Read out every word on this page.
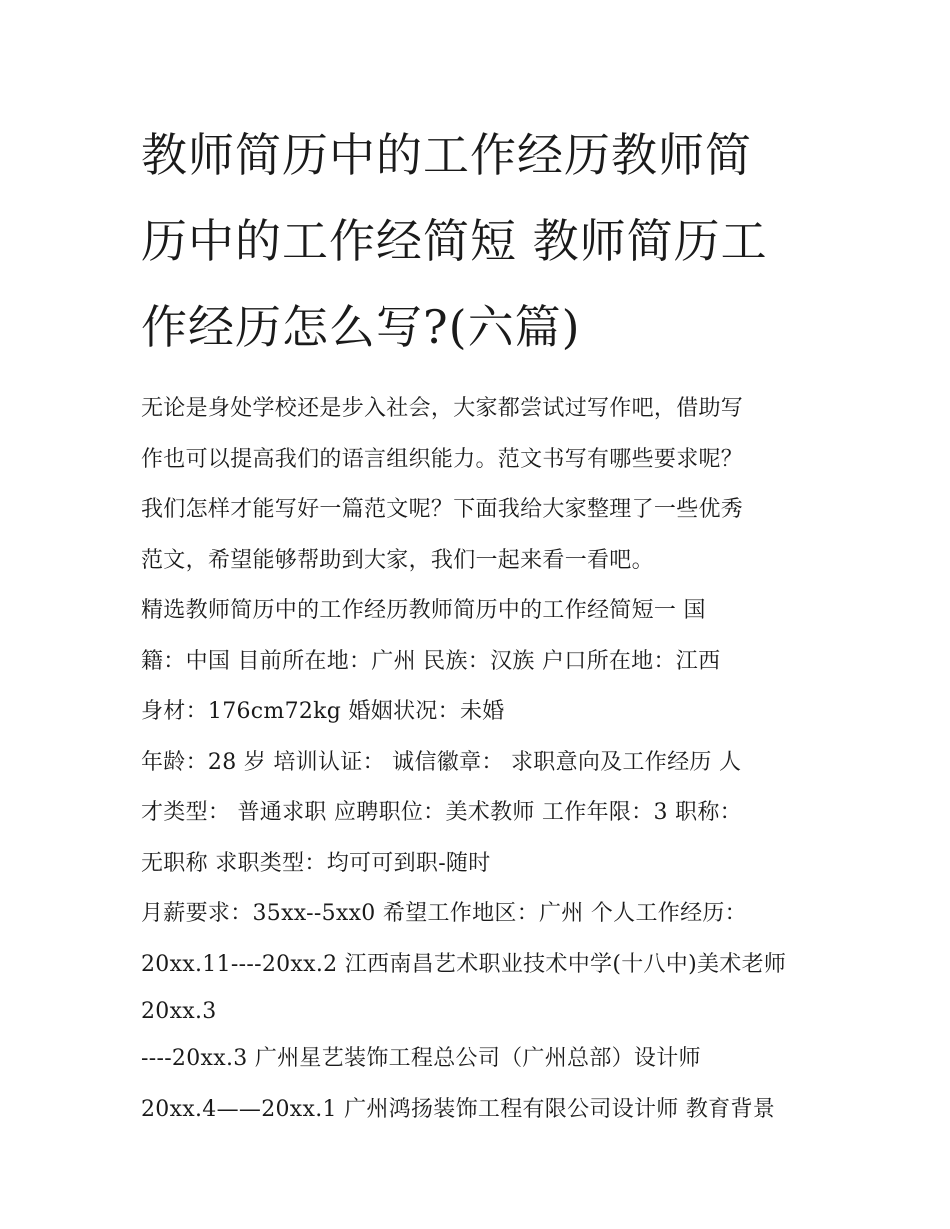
教师简历中的工作经历教师简
历中的工作经简短 教师简历工
作经历怎么写?(六篇)
无论是身处学校还是步入社会，大家都尝试过写作吧，借助写
作也可以提高我们的语言组织能力。范文书写有哪些要求呢？
我们怎样才能写好一篇范文呢？下面我给大家整理了一些优秀
范文，希望能够帮助到大家，我们一起来看一看吧。
精选教师简历中的工作经历教师简历中的工作经简短一 国
籍：中国 目前所在地：广州 民族：汉族 户口所在地：江西
身材：176cm72kg 婚姻状况：未婚
年龄：28 岁 培训认证： 诚信徽章： 求职意向及工作经历 人
才类型： 普通求职 应聘职位：美术教师 工作年限：3 职称：
无职称 求职类型：均可可到职-随时
月薪要求：35xx--5xx0 希望工作地区：广州 个人工作经历：
20xx.11----20xx.2 江西南昌艺术职业技术中学(十八中)美术老师
20xx.3
----20xx.3 广州星艺装饰工程总公司（广州总部）设计师
20xx.4——20xx.1 广州鸿扬装饰工程有限公司设计师 教育背景
